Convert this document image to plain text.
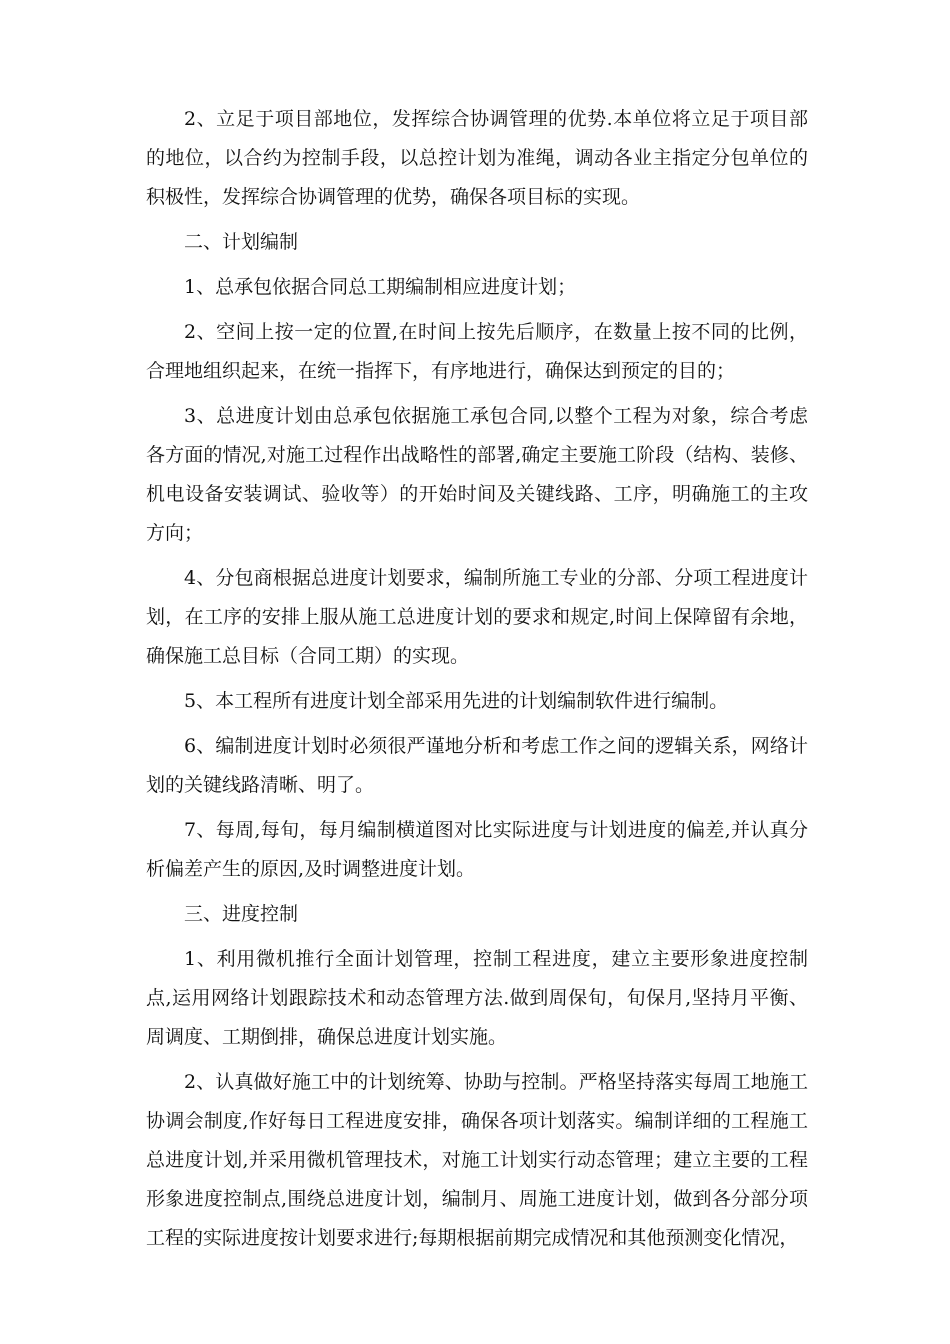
2、立足于项目部地位，发挥综合协调管理的优势.本单位将立足于项目部的地位，以合约为控制手段，以总控计划为准绳，调动各业主指定分包单位的积极性，发挥综合协调管理的优势，确保各项目标的实现。

二、计划编制

1、总承包依据合同总工期编制相应进度计划；

2、空间上按一定的位置,在时间上按先后顺序，在数量上按不同的比例，合理地组织起来，在统一指挥下，有序地进行，确保达到预定的目的；

3、总进度计划由总承包依据施工承包合同,以整个工程为对象，综合考虑各方面的情况,对施工过程作出战略性的部署,确定主要施工阶段（结构、装修、机电设备安装调试、验收等）的开始时间及关键线路、工序，明确施工的主攻方向；

4、分包商根据总进度计划要求，编制所施工专业的分部、分项工程进度计划，在工序的安排上服从施工总进度计划的要求和规定,时间上保障留有余地，确保施工总目标（合同工期）的实现。

5、本工程所有进度计划全部采用先进的计划编制软件进行编制。

6、编制进度计划时必须很严谨地分析和考虑工作之间的逻辑关系，网络计划的关键线路清晰、明了。

7、每周,每旬，每月编制横道图对比实际进度与计划进度的偏差,并认真分析偏差产生的原因,及时调整进度计划。

三、进度控制

1、利用微机推行全面计划管理，控制工程进度，建立主要形象进度控制点,运用网络计划跟踪技术和动态管理方法.做到周保旬，旬保月,坚持月平衡、周调度、工期倒排，确保总进度计划实施。

2、认真做好施工中的计划统筹、协助与控制。严格坚持落实每周工地施工协调会制度,作好每日工程进度安排，确保各项计划落实。编制详细的工程施工总进度计划,并采用微机管理技术，对施工计划实行动态管理；建立主要的工程形象进度控制点,围绕总进度计划，编制月、周施工进度计划，做到各分部分项工程的实际进度按计划要求进行;每期根据前期完成情况和其他预测变化情况，
